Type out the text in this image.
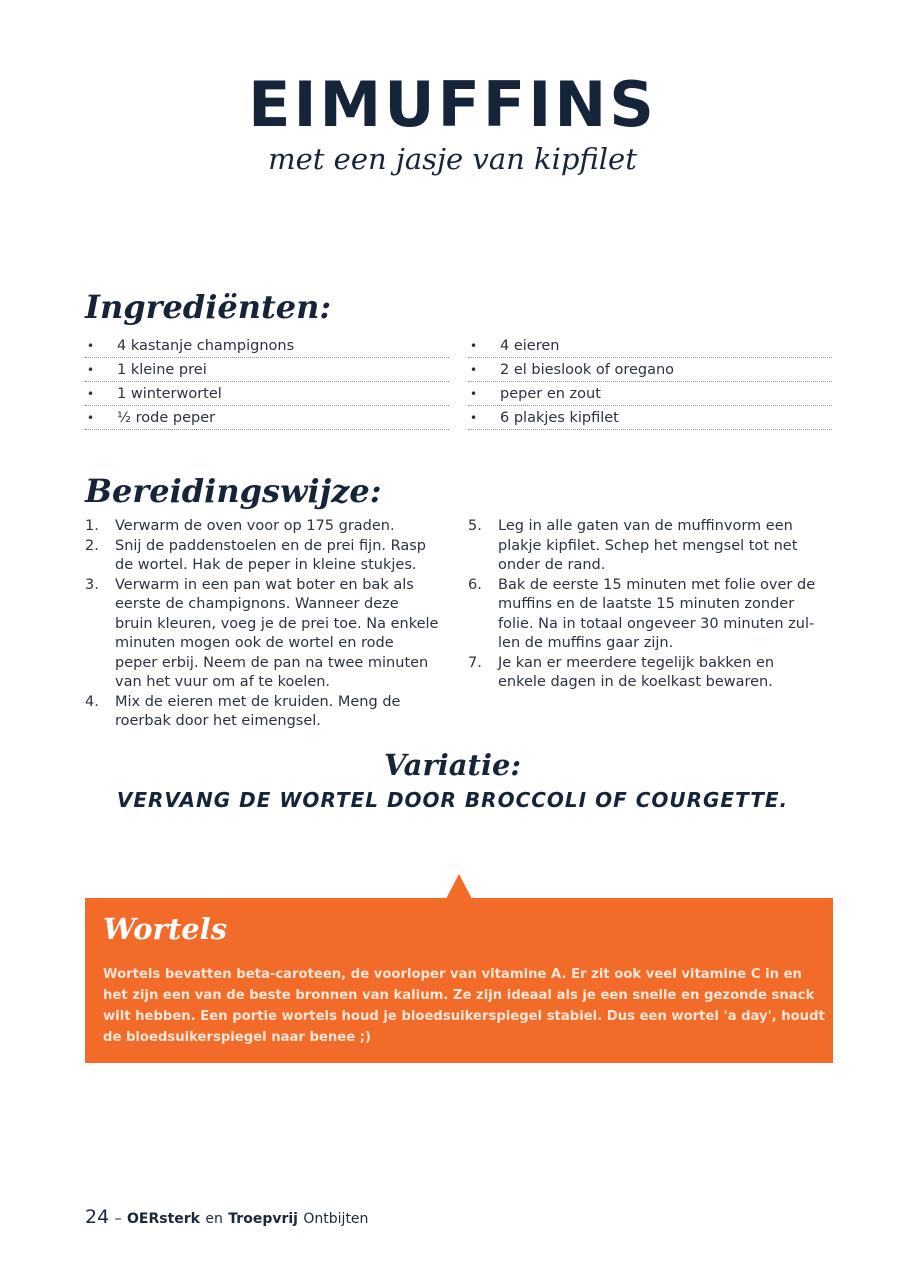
EIMUFFINS
met een jasje van kipfilet
Ingrediënten:
•	4 kastanje champignons
•	1 kleine prei
•	1 winterwortel
•	½ rode peper
•	4 eieren
•	2 el bieslook of oregano
•	peper en zout
•	6 plakjes kipfilet
Bereidingswijze:
1.	Verwarm de oven voor op 175 graden.
2.	Snij de paddenstoelen en de prei fijn. Rasp de wortel. Hak de peper in kleine stukjes.
3.	Verwarm in een pan wat boter en bak als eerste de champignons. Wanneer deze bruin kleuren, voeg je de prei toe. Na enkele minuten mogen ook de wortel en rode peper erbij. Neem de pan na twee minuten van het vuur om af te koelen.
4.	Mix de eieren met de kruiden. Meng de roerbak door het eimengsel.
5.	Leg in alle gaten van de muffinvorm een plakje kipfilet. Schep het mengsel tot net onder de rand.
6.	Bak de eerste 15 minuten met folie over de muffins en de laatste 15 minuten zonder folie. Na in totaal ongeveer 30 minuten zul-len de muffins gaar zijn.
7.	Je kan er meerdere tegelijk bakken en enkele dagen in de koelkast bewaren.
Variatie:
VERVANG DE WORTEL DOOR BROCCOLI OF COURGETTE.
Wortels
Wortels bevatten beta-caroteen, de voorloper van vitamine A. Er zit ook veel vitamine C in en het zijn een van de beste bronnen van kalium. Ze zijn ideaal als je een snelle en gezonde snack wilt hebben. Een portie wortels houd je bloedsuikerspiegel stabiel. Dus een wortel 'a day', houdt de bloedsuikerspiegel naar benee ;)
24 – OERsterk en Troepvrij Ontbijten
